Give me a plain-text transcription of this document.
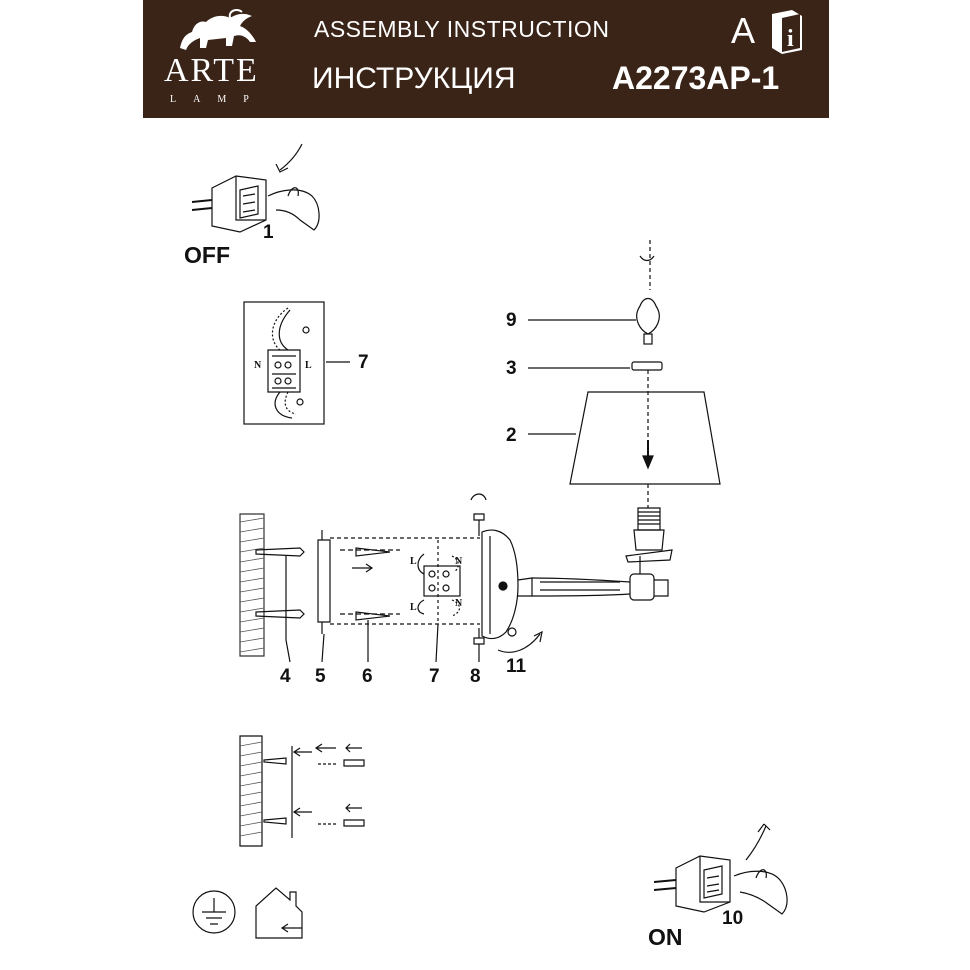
ARTE
LAMP
ASSEMBLY INSTRUCTION
ИНСТРУКЦИЯ
A
A2273AP-1
i
N	L
L	N
L	N
OFF
1
7
9
3
2
4 5 6	7 8 11
ON
10
